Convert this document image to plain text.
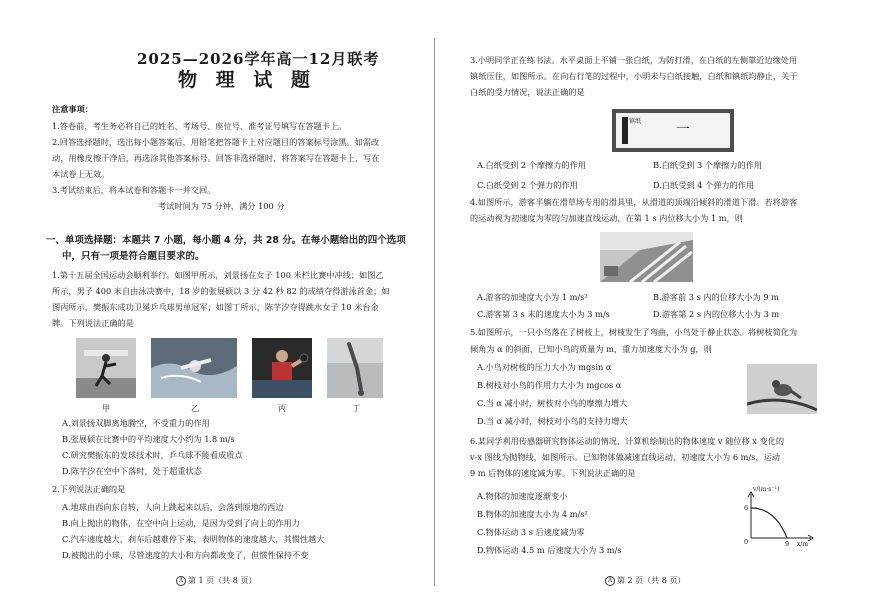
2025—2026学年高一12月联考
物 理 试 题
注意事项：
1.答卷前，考生务必将自己的姓名、考场号、座位号、准考证号填写在答题卡上。
2.回答选择题时，选出每小题答案后，用铅笔把答题卡上对应题目的答案标号涂黑。如需改
动，用橡皮擦干净后，再选涂其他答案标号。回答非选择题时，将答案写在答题卡上，写在
本试卷上无效。
3.考试结束后，将本试卷和答题卡一并交回。
考试时间为 75 分钟，满分 100 分
一、单项选择题：本题共 7 小题，每小题 4 分，共 28 分。在每小题给出的四个选项
中，只有一项是符合题目要求的。
1.第十五届全国运动会顺利举行。如图甲所示，刘景扬在女子 100 米栏比赛中冲线；如图乙
所示，男子 400 米自由泳决赛中，18 岁的张展硕以 3 分 42 秒 82 的成绩夺得游泳首金；如
图丙所示，樊振东成功卫冕乒乓球男单冠军；如图丁所示，陈芋汐夺得跳水女子 10 米台金
牌。下列说法正确的是
甲	乙	丙	丁
A.刘景扬双脚离地腾空，不受重力的作用
B.张展硕在比赛中的平均速度大小约为 1.8 m/s
C.研究樊振东的发球技术时，乒乓球不能看成质点
D.陈芋汐在空中下落时，处于超重状态
2.下列说法正确的是
A.地球由西向东自转，人向上跳起来以后，会落到原地的西边
B.向上抛出的物体，在空中向上运动，是因为受到了向上的作用力
C.汽车速度越大，刹车后越难停下来，表明物体的速度越大，其惯性越大
D.被抛出的小球，尽管速度的大小和方向都改变了，但惯性保持不变
A 第 1 页（共 8 页）
3.小明同学正在练书法。水平桌面上平铺一张白纸，为防打滑，在白纸的左侧靠近边缘处用
镇纸压住，如图所示。在向右行笔的过程中，小明未与白纸接触，白纸和镇纸均静止，关于
白纸的受力情况，说法正确的是
镇纸
一
A.白纸受到 2 个摩擦力的作用	B.白纸受到 3 个摩擦力的作用
C.白纸受到 2 个弹力的作用	D.白纸受到 4 个弹力的作用
4.如图所示，游客半躺在滑草场专用的滑具里，从滑道的顶端沿倾斜的滑道下滑。若将游客
的运动视为初速度为零的匀加速直线运动，在第 1 s 内位移大小为 1 m，则
A.游客的加速度大小为 1 m/s²	B.游客前 3 s 内的位移大小为 9 m
C.游客第 3 s 末的速度大小为 3 m/s	D.游客第 2 s 内的位移大小为 3 m
5.如图所示，一只小鸟落在了树枝上，树枝发生了弯曲，小鸟处于静止状态。将树枝简化为
倾角为 α 的斜面，已知小鸟的质量为 m，重力加速度大小为 g，则
A.小鸟对树枝的压力大小为 mgsin α
B.树枝对小鸟的作用力大小为 mgcos α
C.当 α 减小时，树枝对小鸟的摩擦力增大
D.当 α 减小时，树枝对小鸟的支持力增大
6.某同学利用传感器研究物体运动的情况，计算机绘制出的物体速度 v 随位移 x 变化的
v-x 图线为抛物线，如图所示。已知物体做减速直线运动，初速度大小为 6 m/s，运动
9 m 后物体的速度减为零。下列说法正确的是
A.物体的加速度逐渐变小
B.物体的加速度大小为 4 m/s²
C.物体运动 3 s 后速度减为零
D.物体运动 4.5 m 后速度大小为 3 m/s
v/(m·s⁻¹)
6
0	9 x/m
A 第 2 页（共 8 页）
